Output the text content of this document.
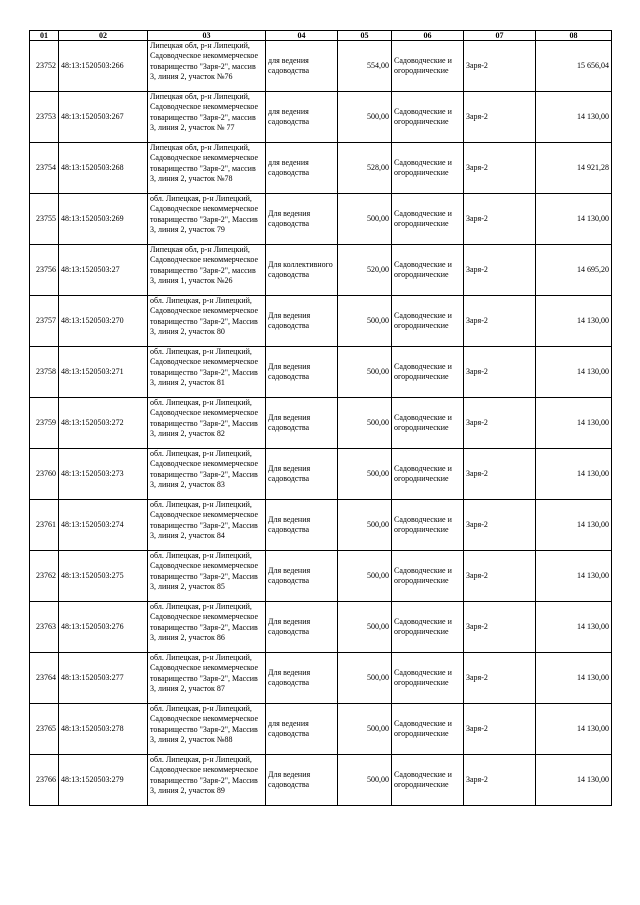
01	02	03	04	05	06	07	08
23752	48:13:1520503:266	Липецкая обл, р-н Липецкий, Садоводческое некоммерческое товарищество "Заря-2", массив 3, линия 2, участок №76	для ведения садоводства	554,00	Садоводческие и огороднические	Заря-2	15 656,04
23753	48:13:1520503:267	Липецкая обл, р-н Липецкий, Садоводческое некоммерческое товарищество "Заря-2", массив 3, линия 2, участок № 77	для ведения садоводства	500,00	Садоводческие и огороднические	Заря-2	14 130,00
23754	48:13:1520503:268	Липецкая обл, р-н Липецкий, Садоводческое некоммерческое товарищество "Заря-2", массив 3, линия 2, участок №78	для ведения садоводства	528,00	Садоводческие и огороднические	Заря-2	14 921,28
23755	48:13:1520503:269	обл. Липецкая, р-н Липецкий, Садоводческое некоммерческое товарищество "Заря-2", Массив 3, линия 2, участок 79	Для ведения садоводства	500,00	Садоводческие и огороднические	Заря-2	14 130,00
23756	48:13:1520503:27	Липецкая обл, р-н Липецкий, Садоводческое некоммерческое товарищество "Заря-2", массив 3, линия 1, участок №26	Для коллективного садоводства	520,00	Садоводческие и огороднические	Заря-2	14 695,20
23757	48:13:1520503:270	обл. Липецкая, р-н Липецкий, Садоводческое некоммерческое товарищество "Заря-2", Массив 3, линия 2, участок 80	Для ведения садоводства	500,00	Садоводческие и огороднические	Заря-2	14 130,00
23758	48:13:1520503:271	обл. Липецкая, р-н Липецкий, Садоводческое некоммерческое товарищество "Заря-2", Массив 3, линия 2, участок 81	Для ведения садоводства	500,00	Садоводческие и огороднические	Заря-2	14 130,00
23759	48:13:1520503:272	обл. Липецкая, р-н Липецкий, Садоводческое некоммерческое товарищество "Заря-2", Массив 3, линия 2, участок 82	Для ведения садоводства	500,00	Садоводческие и огороднические	Заря-2	14 130,00
23760	48:13:1520503:273	обл. Липецкая, р-н Липецкий, Садоводческое некоммерческое товарищество "Заря-2", Массив 3, линия 2, участок 83	Для ведения садоводства	500,00	Садоводческие и огороднические	Заря-2	14 130,00
23761	48:13:1520503:274	обл. Липецкая, р-н Липецкий, Садоводческое некоммерческое товарищество "Заря-2", Массив 3, линия 2, участок 84	Для ведения садоводства	500,00	Садоводческие и огороднические	Заря-2	14 130,00
23762	48:13:1520503:275	обл. Липецкая, р-н Липецкий, Садоводческое некоммерческое товарищество "Заря-2", Массив 3, линия 2, участок 85	Для ведения садоводства	500,00	Садоводческие и огороднические	Заря-2	14 130,00
23763	48:13:1520503:276	обл. Липецкая, р-н Липецкий, Садоводческое некоммерческое товарищество "Заря-2", Массив 3, линия 2, участок 86	Для ведения садоводства	500,00	Садоводческие и огороднические	Заря-2	14 130,00
23764	48:13:1520503:277	обл. Липецкая, р-н Липецкий, Садоводческое некоммерческое товарищество "Заря-2", Массив 3, линия 2, участок 87	Для ведения садоводства	500,00	Садоводческие и огороднические	Заря-2	14 130,00
23765	48:13:1520503:278	обл. Липецкая, р-н Липецкий, Садоводческое некоммерческое товарищество "Заря-2", Массив 3, линия 2, участок №88	для ведения садоводства	500,00	Садоводческие и огороднические	Заря-2	14 130,00
23766	48:13:1520503:279	обл. Липецкая, р-н Липецкий, Садоводческое некоммерческое товарищество "Заря-2", Массив 3, линия 2, участок 89	Для ведения садоводства	500,00	Садоводческие и огороднические	Заря-2	14 130,00
